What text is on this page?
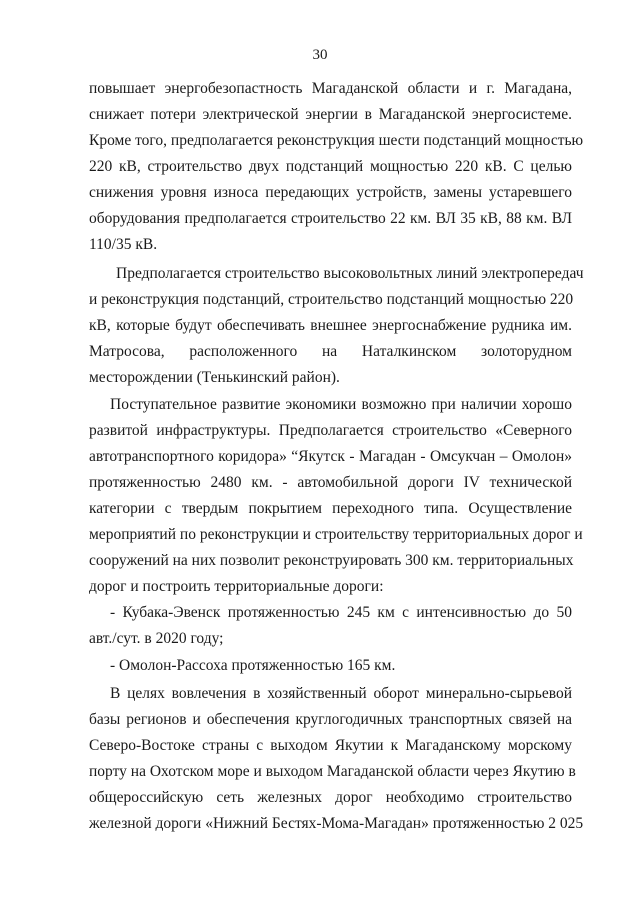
30
повышает энергобезопастность Магаданской области и г. Магадана,
снижает потери электрической энергии в Магаданской энергосистеме.
Кроме того, предполагается реконструкция шести подстанций мощностью
220 кВ, строительство двух подстанций мощностью 220 кВ. С целью
снижения уровня износа передающих устройств, замены устаревшего
оборудования предполагается строительство 22 км. ВЛ 35 кВ, 88 км. ВЛ
110/35 кВ.
Предполагается строительство высоковольтных линий электропередач
и реконструкция подстанций, строительство подстанций мощностью 220
кВ, которые будут обеспечивать внешнее энергоснабжение рудника им.
Матросова, расположенного на Наталкинском золоторудном
месторождении (Тенькинский район).
Поступательное развитие экономики возможно при наличии хорошо
развитой инфраструктуры. Предполагается строительство «Северного
автотранспортного коридора» “Якутск - Магадан - Омсукчан – Омолон»
протяженностью 2480 км. - автомобильной дороги IV технической
категории с твердым покрытием переходного типа. Осуществление
мероприятий по реконструкции и строительству территориальных дорог и
сооружений на них позволит реконструировать 300 км. территориальных
дорог и построить территориальные дороги:
- Кубака-Эвенск протяженностью 245 км с интенсивностью до 50
авт./сут. в 2020 году;
- Омолон-Рассоха протяженностью 165 км.
В целях вовлечения в хозяйственный оборот минерально-сырьевой
базы регионов и обеспечения круглогодичных транспортных связей на
Северо-Востоке страны с выходом Якутии к Магаданскому морскому
порту на Охотском море и выходом Магаданской области через Якутию в
общероссийскую сеть железных дорог необходимо строительство
железной дороги «Нижний Бестях-Мома-Магадан» протяженностью 2 025
